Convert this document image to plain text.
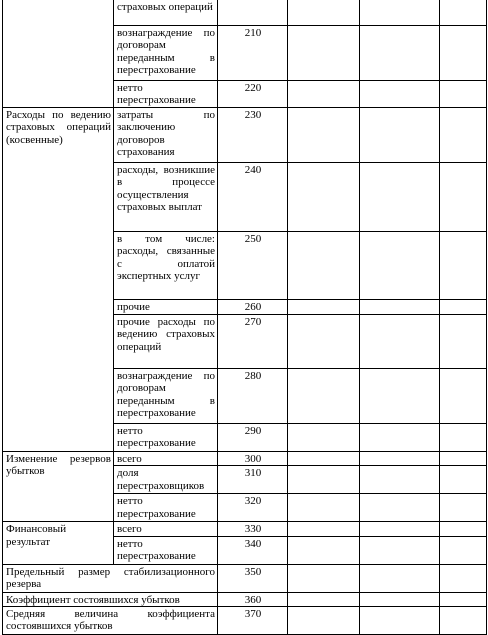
	страховых операций				
	вознаграждение по договорам переданным в перестрахование	210			
	нетто перестрахование	220			
Расходы по ведению страховых операций (косвенные)	затраты по заключению договоров страхования	230			
	расходы, возникшие в процессе осуществления страховых выплат	240			
	в том числе: расходы, связанные с оплатой экспертных услуг	250			
	прочие	260			
	прочие расходы по ведению страховых операций	270			
	вознаграждение по договорам переданным в перестрахование	280			
	нетто перестрахование	290			
Изменение резервов убытков	всего	300			
	доля перестраховщиков	310			
	нетто перестрахование	320			
Финансовый результат	всего	330			
	нетто перестрахование	340			
Предельный размер стабилизационного резерва		350			
Коэффициент состоявшихся убытков		360			
Средняя величина коэффициента состоявшихся убытков		370			
